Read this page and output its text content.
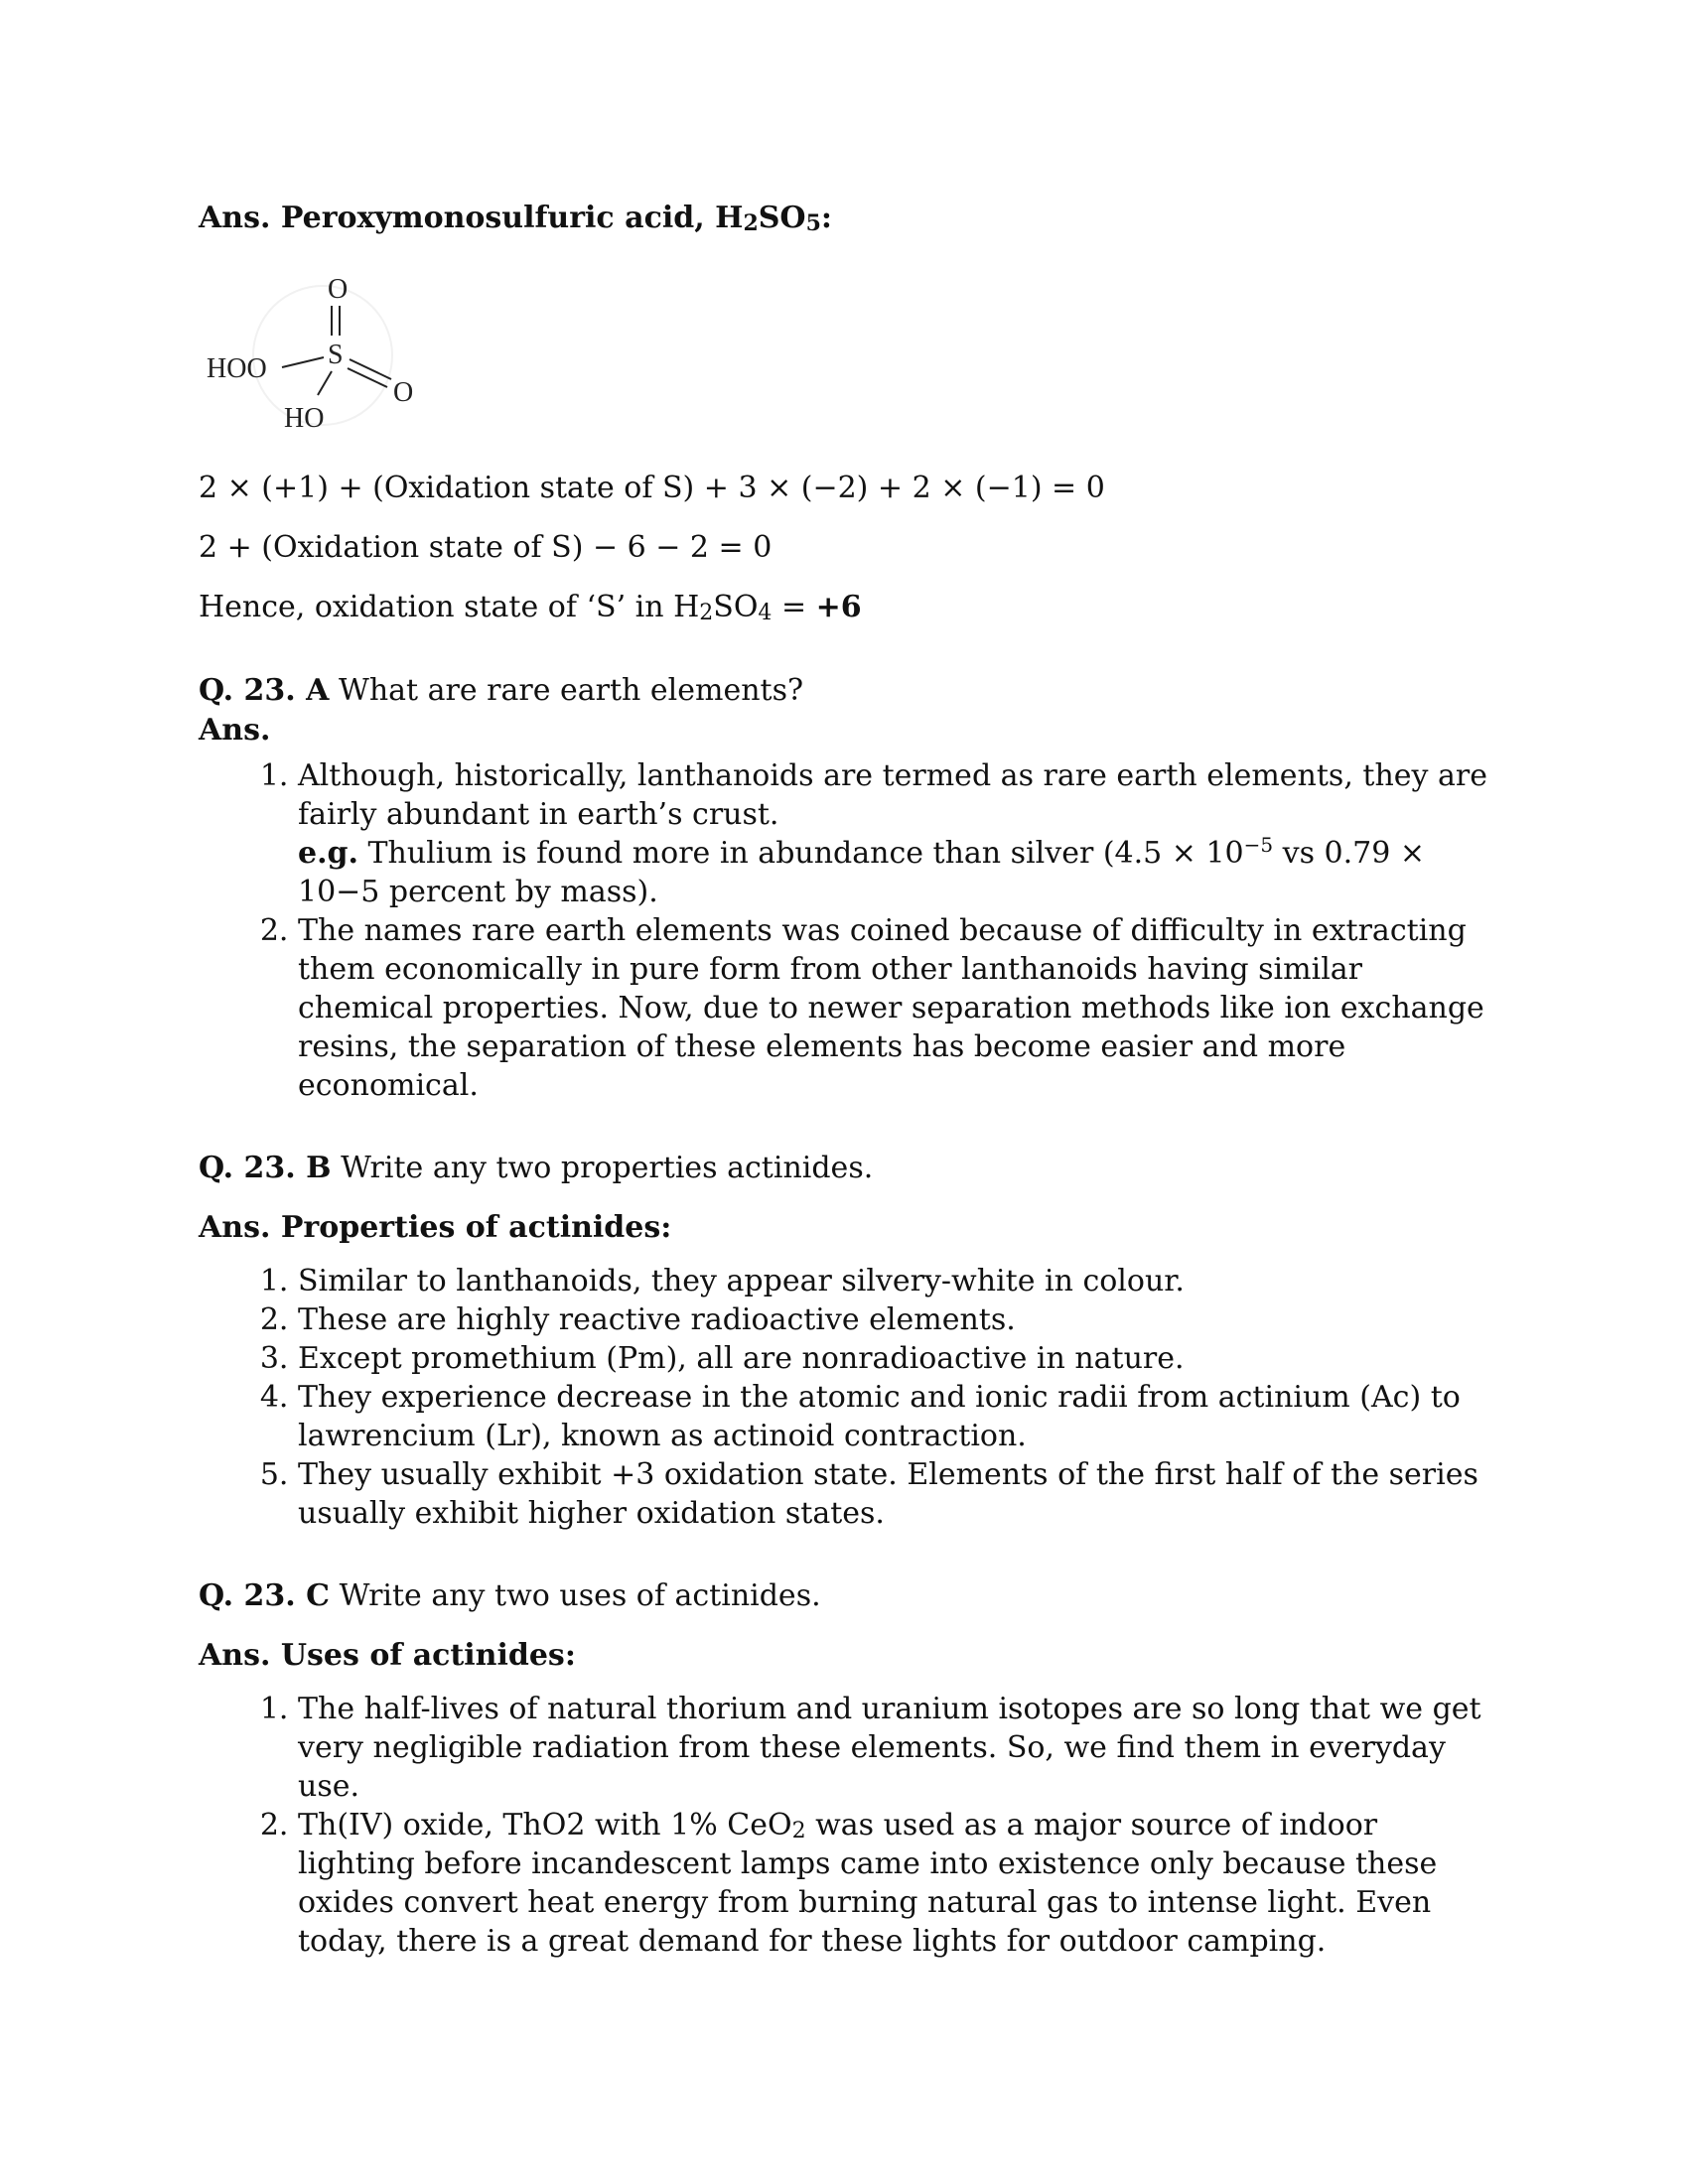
Ans. Peroxymonosulfuric acid, $H_2SO_5$:

O
S
HOO
O
HO

2 × (+1) + (Oxidation state of S) + 3 × (−2) + 2 × (−1) = 0

2 + (Oxidation state of S) − 6 − 2 = 0

Hence, oxidation state of ‘S’ in $H_2SO_4 = +6$

Q. 23. A What are rare earth elements?

Ans.

1. Although, historically, lanthanoids are termed as rare earth elements, they are fairly abundant in earth’s crust.
e.g. Thulium is found more in abundance than silver ($4.5 \times 10^{-5}$ vs 0.79 × 10−5 percent by mass).
2. The names rare earth elements was coined because of difficulty in extracting them economically in pure form from other lanthanoids having similar chemical properties. Now, due to newer separation methods like ion exchange resins, the separation of these elements has become easier and more economical.

Q. 23. B Write any two properties actinides.

Ans. Properties of actinides:

1. Similar to lanthanoids, they appear silvery-white in colour.
2. These are highly reactive radioactive elements.
3. Except promethium (Pm), all are nonradioactive in nature.
4. They experience decrease in the atomic and ionic radii from actinium (Ac) to lawrencium (Lr), known as actinoid contraction.
5. They usually exhibit +3 oxidation state. Elements of the first half of the series usually exhibit higher oxidation states.

Q. 23. C Write any two uses of actinides.

Ans. Uses of actinides:

1. The half-lives of natural thorium and uranium isotopes are so long that we get very negligible radiation from these elements. So, we find them in everyday use.
2. Th(IV) oxide, ThO2 with 1% CeO$_2$ was used as a major source of indoor lighting before incandescent lamps came into existence only because these oxides convert heat energy from burning natural gas to intense light. Even today, there is a great demand for these lights for outdoor camping.
